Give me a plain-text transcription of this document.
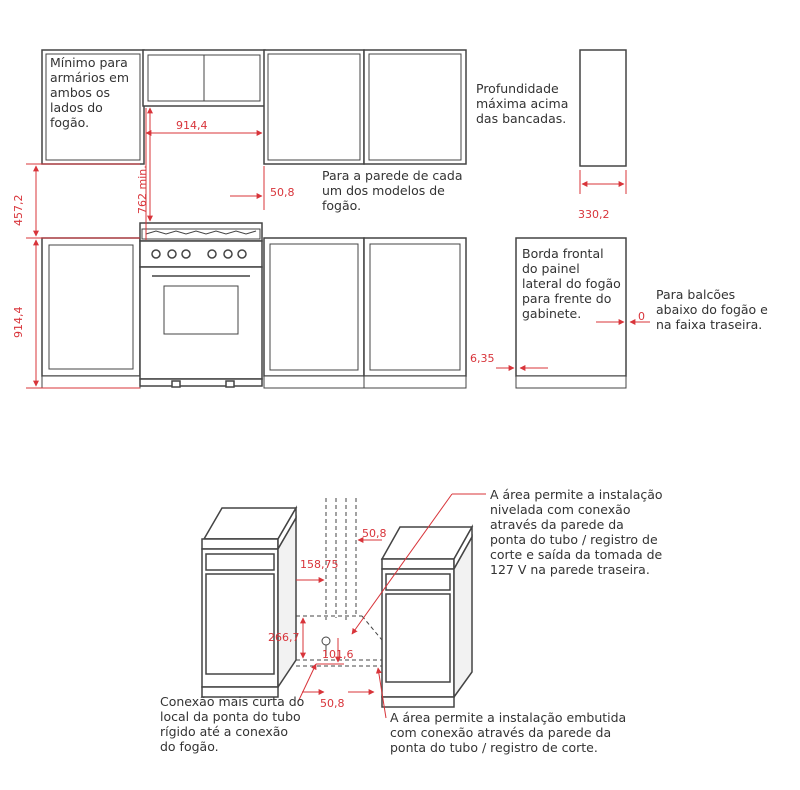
Mínimo para
armários em
ambos os
lados do
fogão.
Profundidade
máxima acima
das bancadas.
Para a parede de cada
um dos modelos de
fogão.
Borda frontal
do painel
lateral do fogão
para frente do
gabinete.
Para balcões
abaixo do fogão e
na faixa traseira.
914,4
762 min.	50,8
457,2
914,4
330,2
0
6,35
A área permite a instalação
nivelada com conexão
através da parede da
ponta do tubo / registro de
corte e saída da tomada de
127 V na parede traseira.
Conexão mais curta do
local da ponta do tubo
rígido até a conexão
do fogão.
A área permite a instalação embutida
com conexão através da parede da
ponta do tubo / registro de corte.
50,8
158,75
266,7
101,6
50,8
